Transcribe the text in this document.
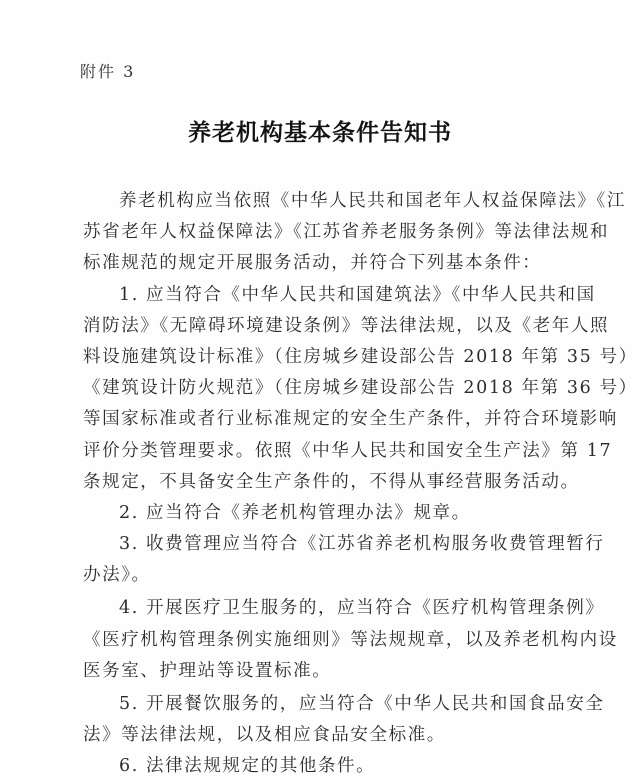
附件 3
养老机构基本条件告知书
养老机构应当依照《中华人民共和国老年人权益保障法》《江
苏省老年人权益保障法》《江苏省养老服务条例》等法律法规和
标准规范的规定开展服务活动，并符合下列基本条件：
1. 应当符合《中华人民共和国建筑法》《中华人民共和国
消防法》《无障碍环境建设条例》等法律法规，以及《老年人照
料设施建筑设计标准》（住房城乡建设部公告 2018 年第 35 号）
《建筑设计防火规范》（住房城乡建设部公告 2018 年第 36 号）
等国家标准或者行业标准规定的安全生产条件，并符合环境影响
评价分类管理要求。依照《中华人民共和国安全生产法》第 17
条规定，不具备安全生产条件的，不得从事经营服务活动。
2. 应当符合《养老机构管理办法》规章。
3. 收费管理应当符合《江苏省养老机构服务收费管理暂行
办法》。
4. 开展医疗卫生服务的，应当符合《医疗机构管理条例》
《医疗机构管理条例实施细则》等法规规章，以及养老机构内设
医务室、护理站等设置标准。
5. 开展餐饮服务的，应当符合《中华人民共和国食品安全
法》等法律法规，以及相应食品安全标准。
6. 法律法规规定的其他条件。
